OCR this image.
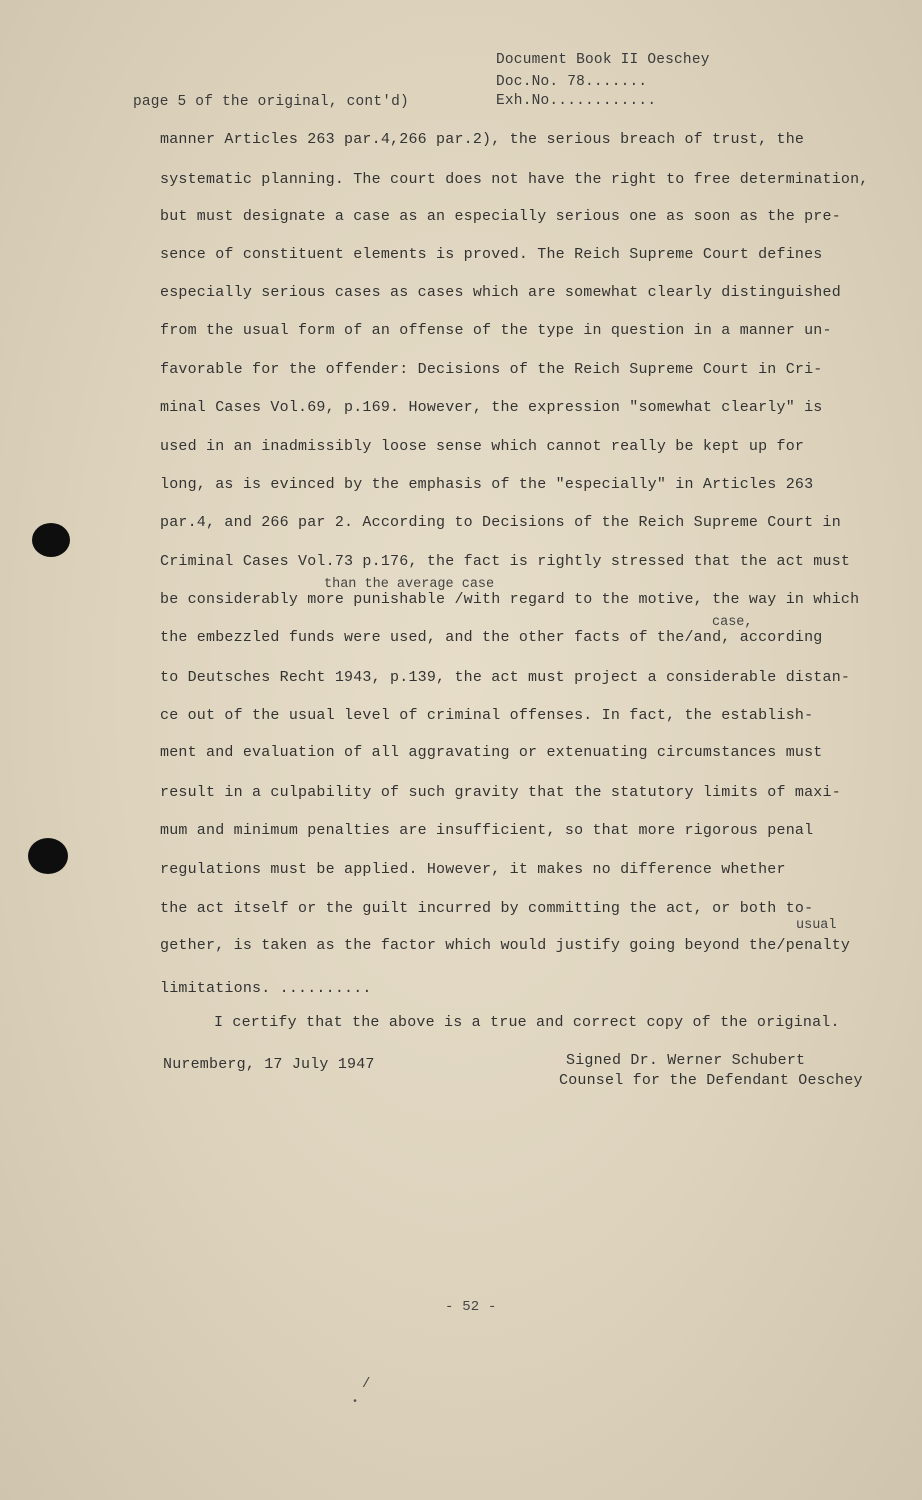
Document Book II Oeschey
Doc.No. 78.......
Exh.No............
page 5 of the original, cont'd)
manner Articles 263 par.4,266 par.2), the serious breach of trust, the
systematic planning. The court does not have the right to free determination,
but must designate a case as an especially serious one as soon as the pre-
sence of constituent elements is proved. The Reich Supreme Court defines
especially serious cases as cases which are somewhat clearly distinguished
from the usual form of an offense of the type in question in a manner un-
favorable for the offender: Decisions of the Reich Supreme Court in Cri-
minal Cases Vol.69, p.169. However, the expression "somewhat clearly" is
used in an inadmissibly loose sense which cannot really be kept up for
long, as is evinced by the emphasis of the "especially" in Articles 263
par.4, and 266 par 2. According to Decisions of the Reich Supreme Court in
Criminal Cases Vol.73 p.176, the fact is rightly stressed that the act must
than the average case
be considerably more punishable /with regard to the motive, the way in which
case,
the embezzled funds were used, and the other facts of the/and, according
to Deutsches Recht 1943, p.139, the act must project a considerable distan-
ce out of the usual level of criminal offenses. In fact, the establish-
ment and evaluation of all aggravating or extenuating circumstances must
result in a culpability of such gravity that the statutory limits of maxi-
mum and minimum penalties are insufficient, so that more rigorous penal
regulations must be applied. However, it makes no difference whether
the act itself or the guilt incurred by committing the act, or both to-
usual
gether, is taken as the factor which would justify going beyond the/penalty
limitations. ..........
I certify that the above is a true and correct copy of the original.
Nuremberg, 17 July 1947	Signed Dr. Werner Schubert
Counsel for the Defendant Oeschey
- 52 -
/
•
